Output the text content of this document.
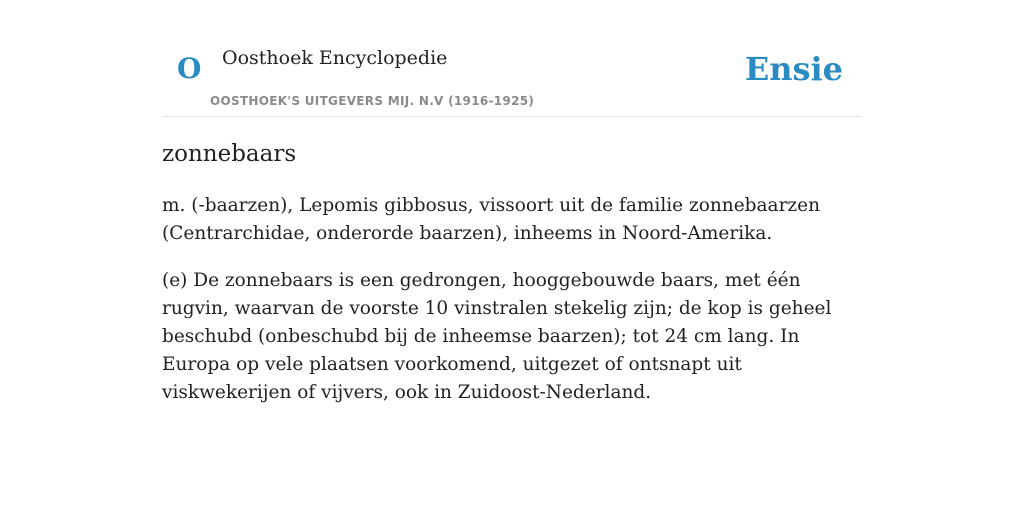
O Oosthoek Encyclopedie
OOSTHOEK'S UITGEVERS MIJ. N.V (1916-1925)
Ensie
zonnebaars

m. (-baarzen), Lepomis gibbosus, vissoort uit de familie zonnebaarzen (Centrarchidae, onderorde baarzen), inheems in Noord-Amerika.

(e) De zonnebaars is een gedrongen, hooggebouwde baars, met één rugvin, waarvan de voorste 10 vinstralen stekelig zijn; de kop is geheel beschubd (onbeschubd bij de inheemse baarzen); tot 24 cm lang. In Europa op vele plaatsen voorkomend, uitgezet of ontsnapt uit viskwekerijen of vijvers, ook in Zuidoost-Nederland.
